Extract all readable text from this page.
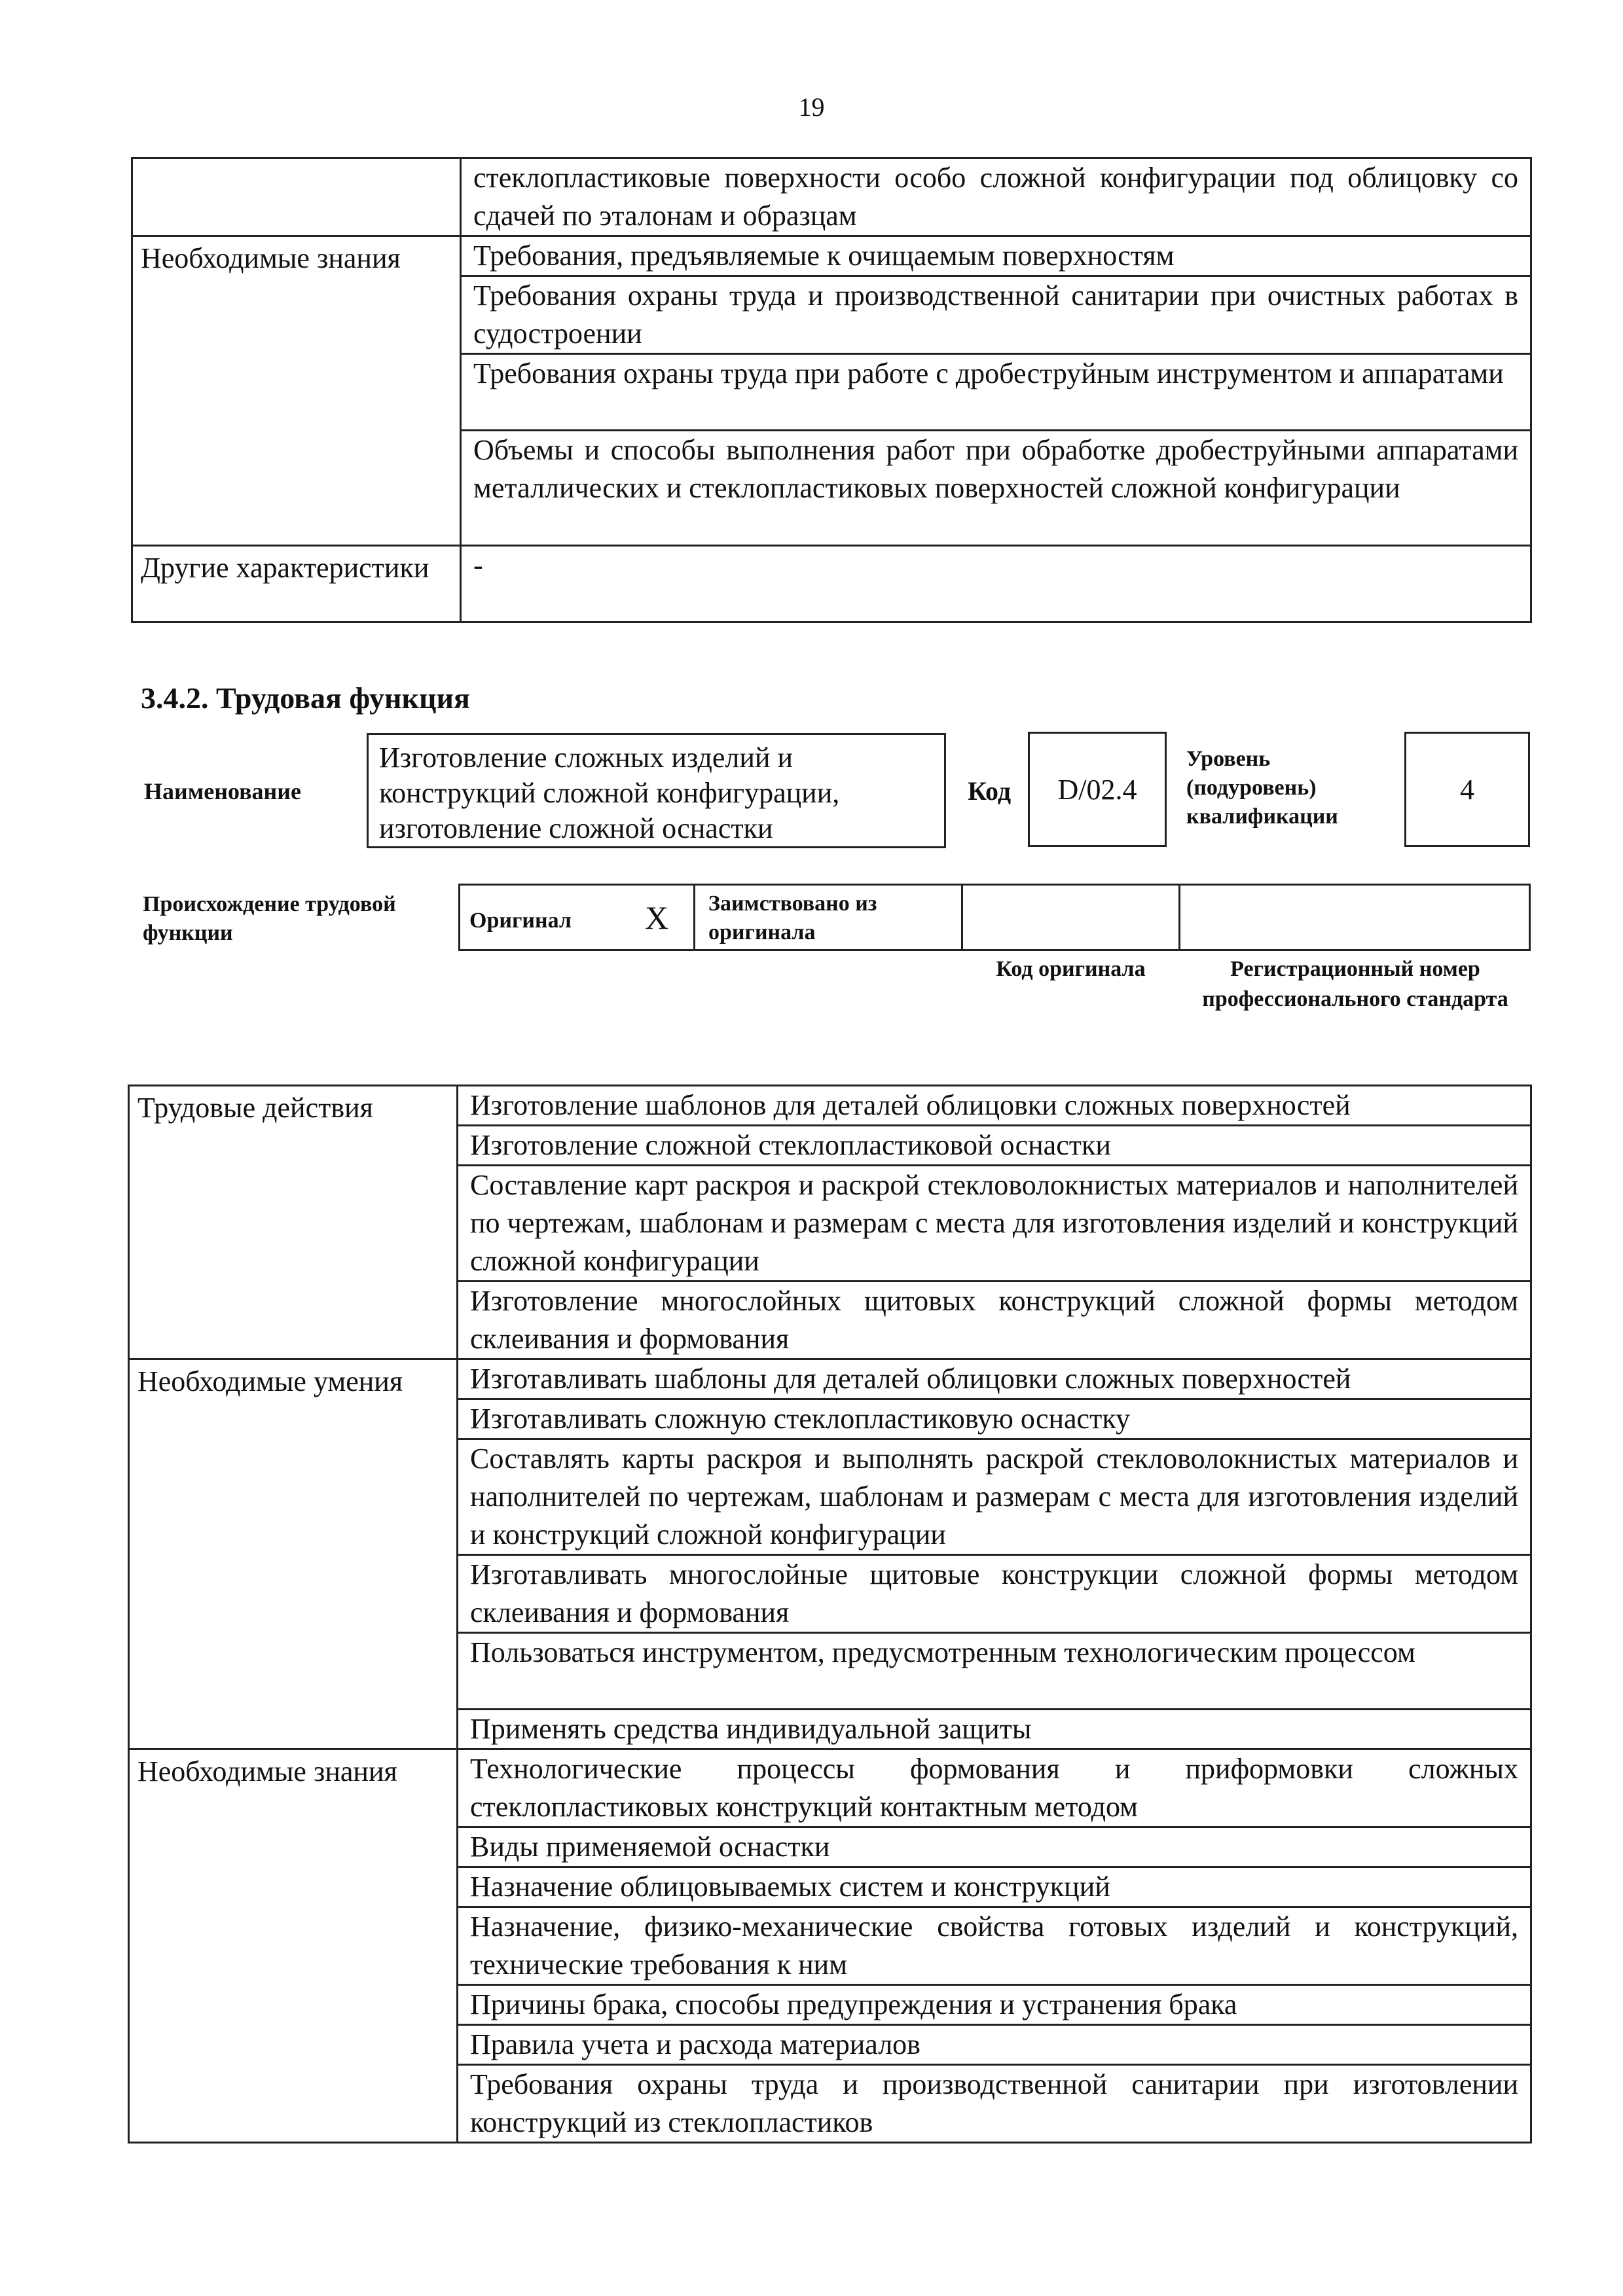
19
	стеклопластиковые поверхности особо сложной конфигурации под облицовку со сдачей по эталонам и образцам
Необходимые знания	Требования, предъявляемые к очищаемым поверхностям
	Требования охраны труда и производственной санитарии при очистных работах в судостроении
	Требования охраны труда при работе с дробеструйным инструментом и аппаратами
	Объемы и способы выполнения работ при обработке дробеструйными аппаратами металлических и стеклопластиковых поверхностей сложной конфигурации
Другие характеристики	-
3.4.2. Трудовая функция
Наименование
Изготовление сложных изделий и конструкций сложной конфигурации, изготовление сложной оснастки
Код	D/02.4
Уровень (подуровень) квалификации
4
Происхождение трудовой функции
Оригинал X Заимствовано из оригинала
Код оригинала	Регистрационный номер профессионального стандарта
Трудовые действия	Изготовление шаблонов для деталей облицовки сложных поверхностей
	Изготовление сложной стеклопластиковой оснастки
	Составление карт раскроя и раскрой стекловолокнистых материалов и наполнителей по чертежам, шаблонам и размерам с места для изготовления изделий и конструкций сложной конфигурации
	Изготовление многослойных щитовых конструкций сложной формы методом склеивания и формования
Необходимые умения	Изготавливать шаблоны для деталей облицовки сложных поверхностей
	Изготавливать сложную стеклопластиковую оснастку
	Составлять карты раскроя и выполнять раскрой стекловолокнистых материалов и наполнителей по чертежам, шаблонам и размерам с места для изготовления изделий и конструкций сложной конфигурации
	Изготавливать многослойные щитовые конструкции сложной формы методом склеивания и формования
	Пользоваться инструментом, предусмотренным технологическим процессом
	Применять средства индивидуальной защиты
Необходимые знания	Технологические процессы формования и приформовки сложных стеклопластиковых конструкций контактным методом
	Виды применяемой оснастки
	Назначение облицовываемых систем и конструкций
	Назначение, физико-механические свойства готовых изделий и конструкций, технические требования к ним
	Причины брака, способы предупреждения и устранения брака
	Правила учета и расхода материалов
	Требования охраны труда и производственной санитарии при изготовлении конструкций из стеклопластиков
